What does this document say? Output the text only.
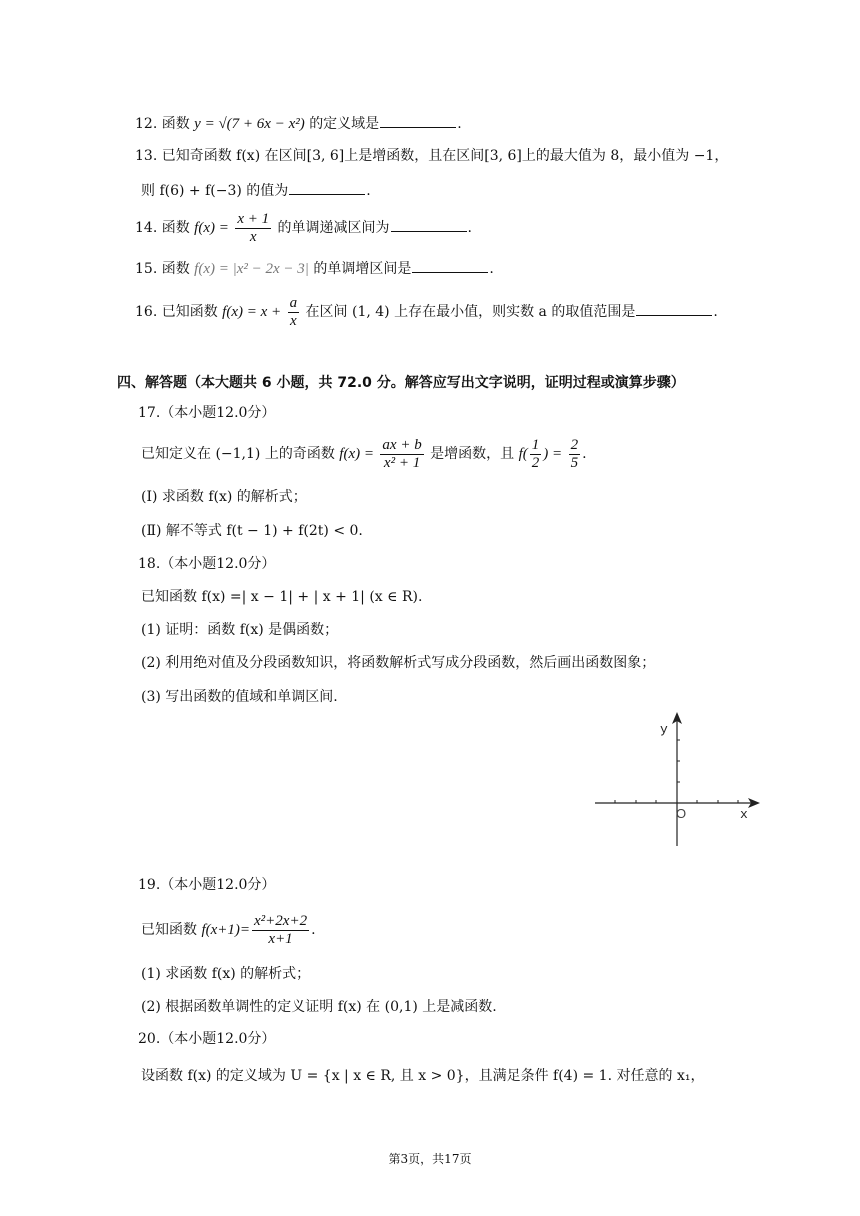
12. 函数 y = √(7 + 6x − x²) 的定义域是	.
13. 已知奇函数 f(x) 在区间[3, 6]上是增函数，且在区间[3, 6]上的最大值为 8，最小值为 −1，
则 f(6) + f(−3) 的值为	.
14. 函数 $f(x) = \frac{x + 1}{x}$ 的单调递减区间为	.
15. 函数 f(x) = |x² − 2x − 3| 的单调增区间是	.
16. 已知函数 $f(x) = x + \frac{a}{x}$ 在区间 (1, 4) 上存在最小值，则实数 a 的取值范围是	.
四、解答题（本大题共 6 小题，共 72.0 分。解答应写出文字说明，证明过程或演算步骤）
17.（本小题12.0分）
已知定义在 (−1,1) 上的奇函数 $f(x) = \frac{ax + b}{\text{x² + 1}}$ 是增函数，且 $f( \frac{1}{2}$ ) = $\frac{2}{5}$ .
(Ⅰ) 求函数 f(x) 的解析式；
(Ⅱ) 解不等式 f(t − 1) + f(2t) < 0.
18.（本小题12.0分）
已知函数 f(x) =| x − 1| + | x + 1| (x ∈ R).
(1) 证明：函数 f(x) 是偶函数；
(2) 利用绝对值及分段函数知识，将函数解析式写成分段函数，然后画出函数图象；
(3) 写出函数的值域和单调区间.
y
x
O
19.（本小题12.0分）
已知函数 $f(x+1)= \frac{\text{x²+2x+2}}{x+1}$ .
(1) 求函数 f(x) 的解析式；
(2) 根据函数单调性的定义证明 f(x) 在 (0,1) 上是减函数.
20.（本小题12.0分）
设函数 f(x) 的定义域为 U = {x | x ∈ R, 且 x > 0}，且满足条件 f(4) = 1. 对任意的 x₁，
第3页，共17页
